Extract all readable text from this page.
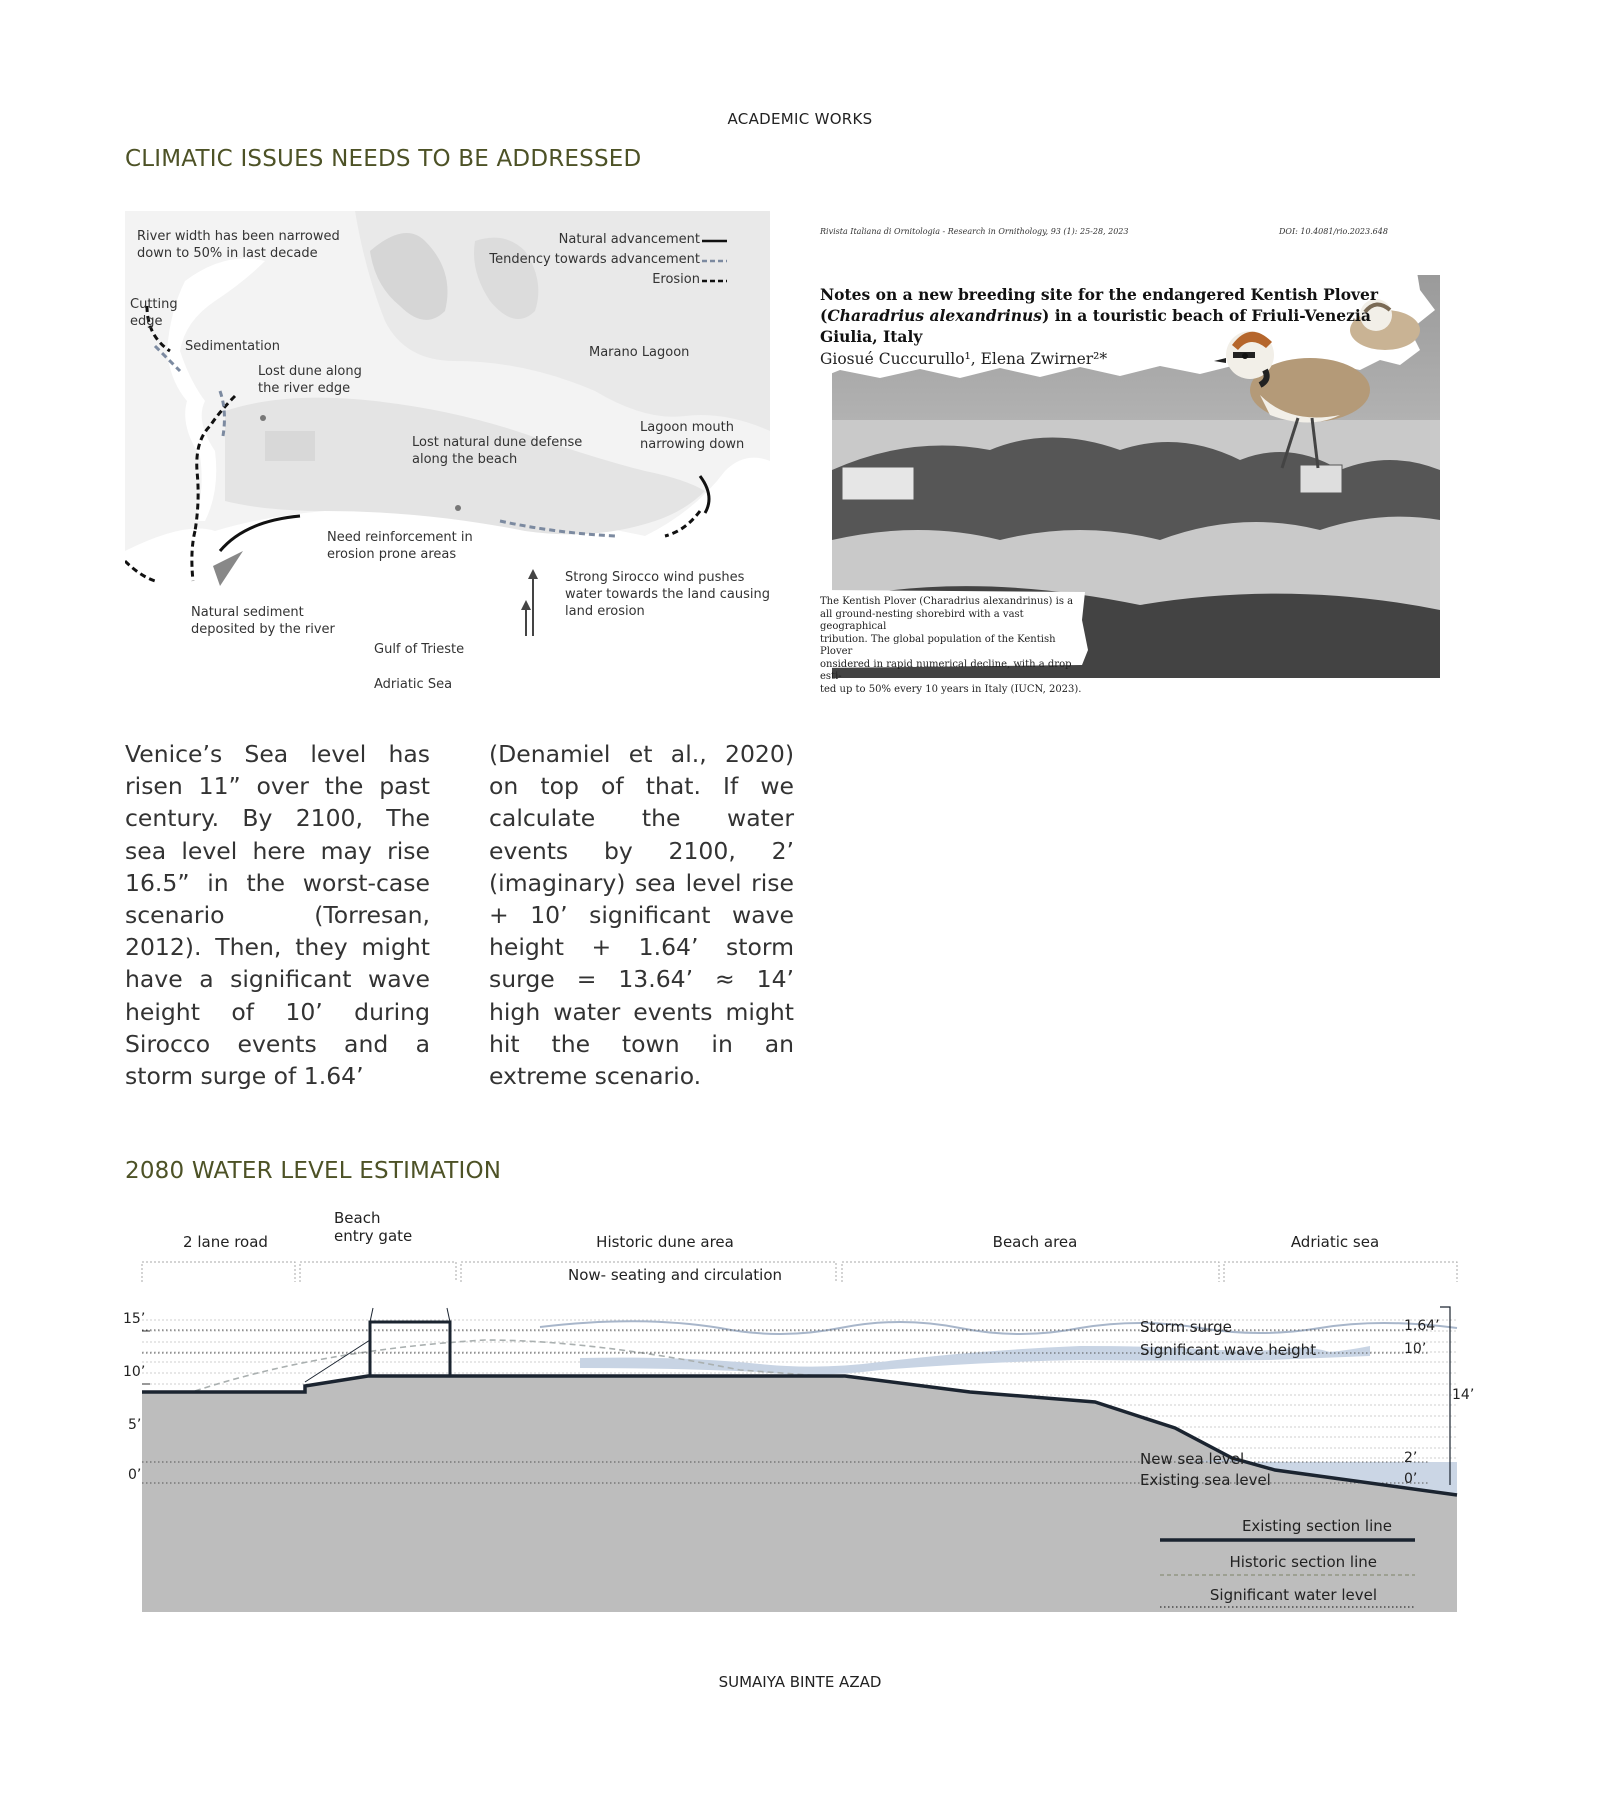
ACADEMIC WORKS
CLIMATIC ISSUES NEEDS TO BE ADDRESSED
Natural advancement
Tendency towards advancement
Erosion
River width has been narrowed
down to 50% in last decade
Cutting
edge
Sedimentation
Lost dune along
the river edge
Marano Lagoon
Lagoon mouth
narrowing down
Lost natural dune defense
along the beach
Need reinforcement in
erosion prone areas
Strong Sirocco wind pushes
water towards the land causing
land erosion
Natural sediment
deposited by the river
Gulf of Trieste
Adriatic Sea
Rivista Italiana di Ornitologia - Research in Ornithology, 93 (1): 25-28, 2023	DOI: 10.4081/rio.2023.648
Notes on a new breeding site for the endangered Kentish Plover
(Charadrius alexandrinus) in a touristic beach of Friuli-Venezia Giulia, Italy
Giosué Cuccurullo¹, Elena Zwirner²*
The Kentish Plover (Charadrius alexandrinus) is a
all ground-nesting shorebird with a vast geographical
tribution. The global population of the Kentish Plover
onsidered in rapid numerical decline, with a drop esti-
ted up to 50% every 10 years in Italy (IUCN, 2023).
Venice’s Sea level has risen 11” over the past century. By 2100, The sea level here may rise 16.5” in the worst-case scenario (Torresan, 2012). Then, they might have a significant wave height of 10’ during Sirocco events and a storm surge of 1.64’
(Denamiel et al., 2020) on top of that. If we calculate the water events by 2100, 2’ (imaginary) sea level rise + 10’ significant wave height + 1.64’ storm surge = 13.64’ ≈ 14’ high water events might hit the town in an extreme scenario.
2080 WATER LEVEL ESTIMATION
2 lane road
Beach
entry gate	Historic dune area
Now- seating and circulation
Beach area	Adriatic sea
15’
10’
5’
0’
Storm surge	1.64’
Significant wave height	10’
New sea level	2’
Existing sea level	0’
14’
Existing section line
Historic section line
Significant water level
SUMAIYA BINTE AZAD
